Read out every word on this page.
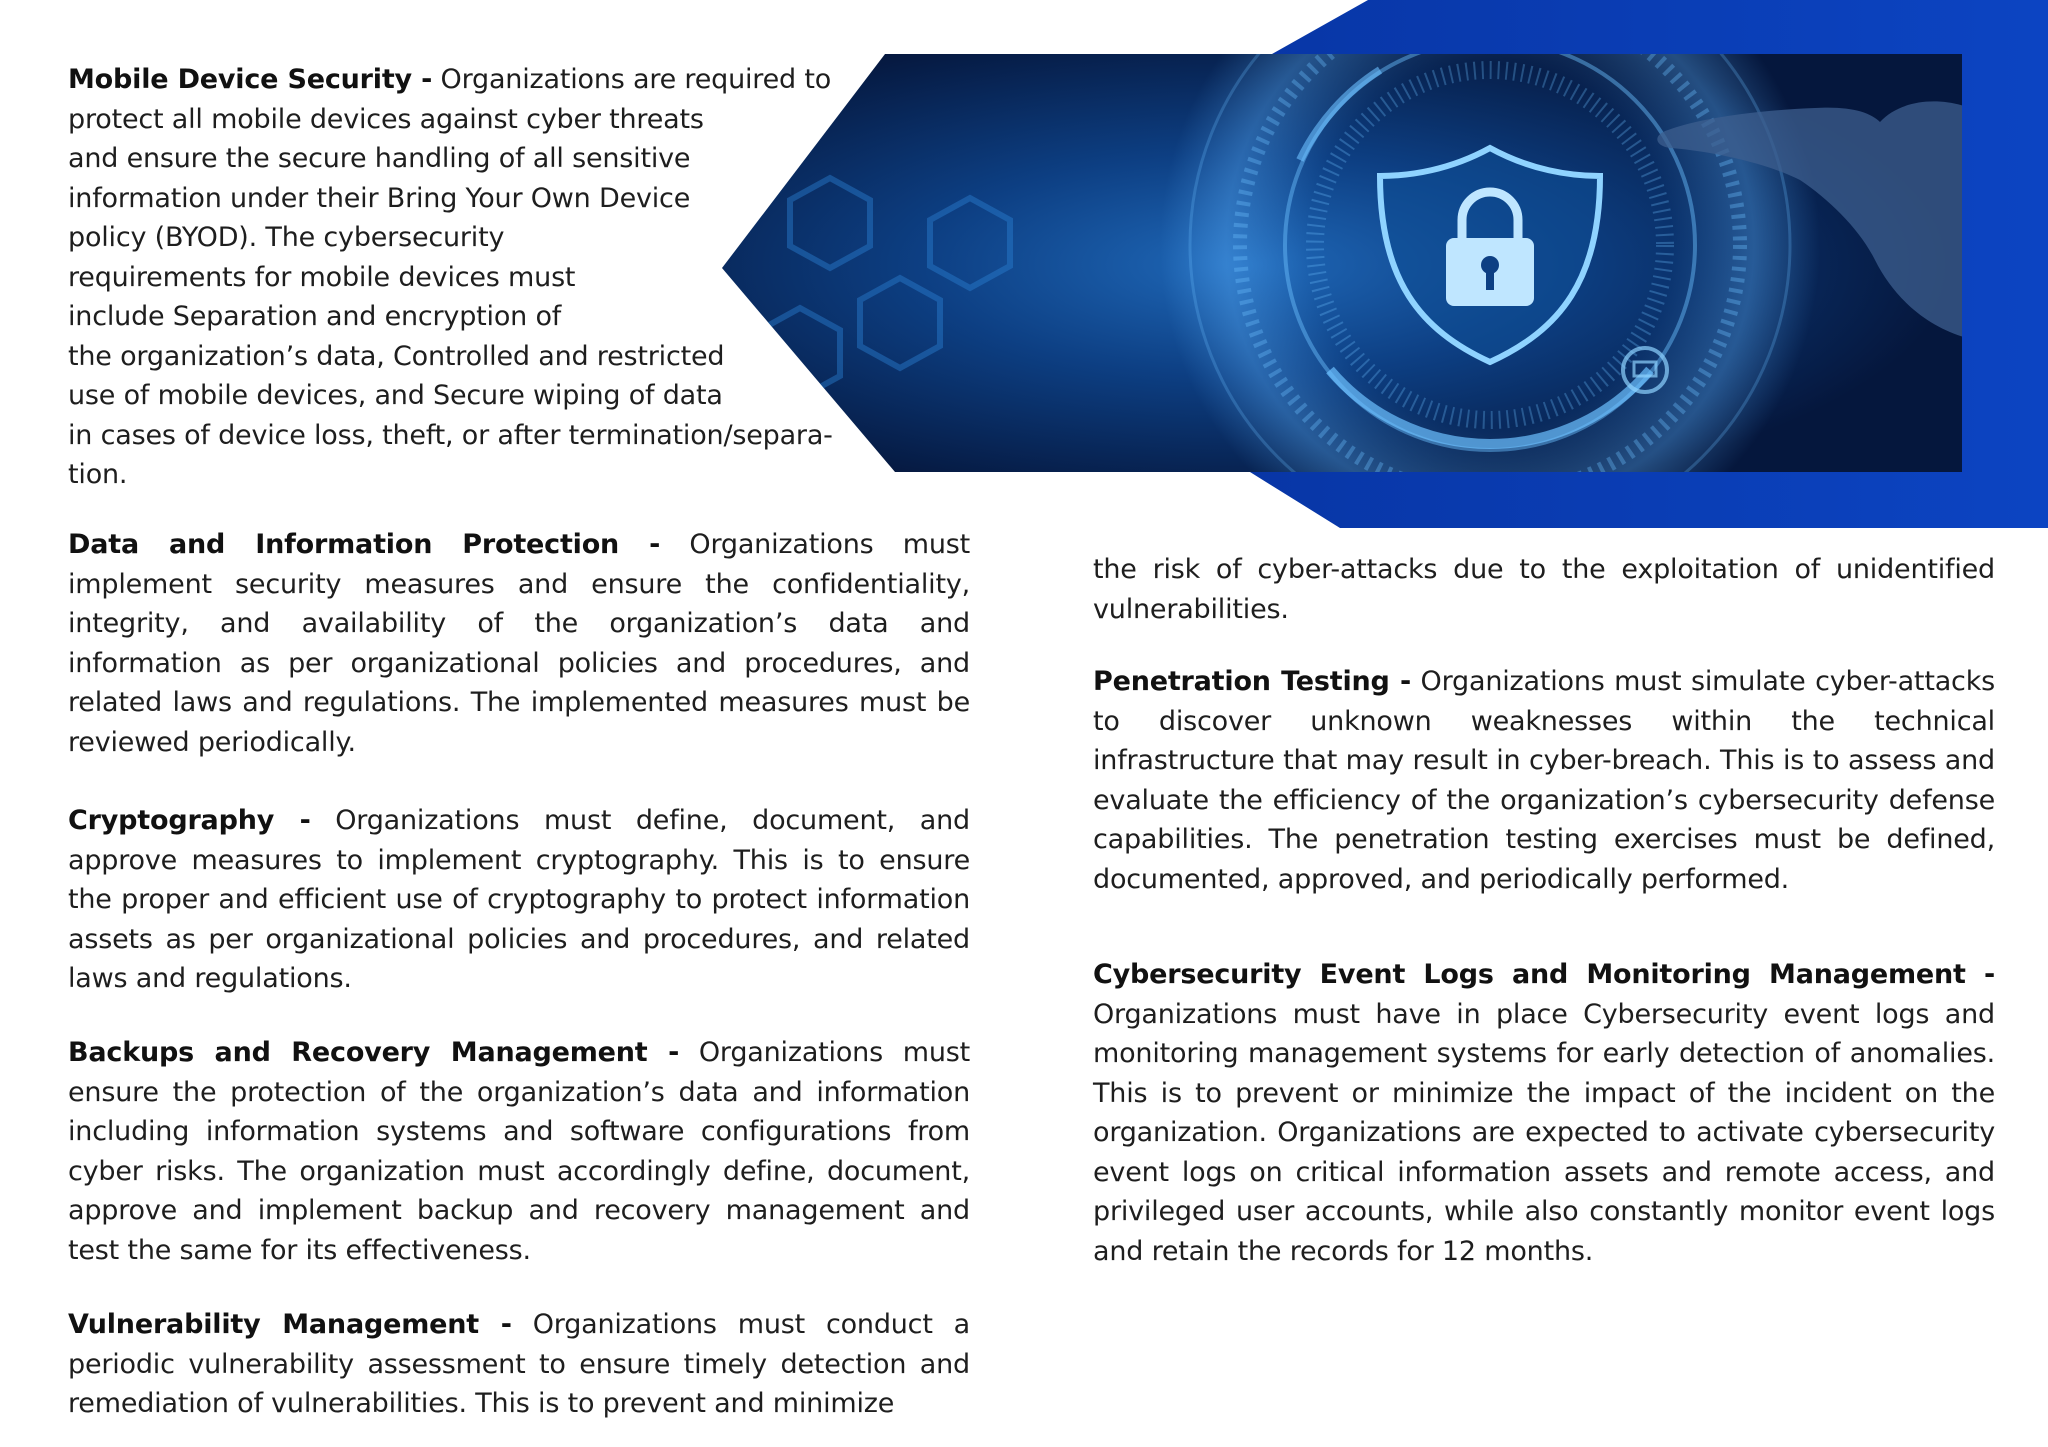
Mobile Device Security - Organizations are required to
protect all mobile devices against cyber threats
and ensure the secure handling of all sensitive
information under their Bring Your Own Device
policy (BYOD). The cybersecurity
requirements for mobile devices must
include Separation and encryption of
the organization’s data, Controlled and restricted
use of mobile devices, and Secure wiping of data
in cases of device loss, theft, or after termination/separa-
tion.

Data and Information Protection - Organizations must implement security measures and ensure the confidentiality, integrity, and availability of the organization’s data and information as per organizational policies and procedures, and related laws and regulations. The implemented measures must be reviewed periodically.

Cryptography - Organizations must define, document, and approve measures to implement cryptography. This is to ensure the proper and efficient use of cryptography to protect information assets as per organizational policies and procedures, and related laws and regulations.

Backups and Recovery Management - Organizations must ensure the protection of the organization’s data and information including information systems and software configurations from cyber risks. The organization must accordingly define, document, approve and implement backup and recovery management and test the same for its effectiveness.

Vulnerability Management - Organizations must conduct a periodic vulnerability assessment to ensure timely detection and remediation of vulnerabilities. This is to prevent and minimize

the risk of cyber-attacks due to the exploitation of unidentified vulnerabilities.

Penetration Testing - Organizations must simulate cyber-attacks to discover unknown weaknesses within the technical infrastructure that may result in cyber-breach. This is to assess and evaluate the efficiency of the organization’s cybersecurity defense capabilities. The penetration testing exercises must be defined, documented, approved, and periodically performed.

Cybersecurity Event Logs and Monitoring Management - Organizations must have in place Cybersecurity event logs and monitoring management systems for early detection of anomalies. This is to prevent or minimize the impact of the incident on the organization. Organizations are expected to activate cybersecurity event logs on critical information assets and remote access, and privileged user accounts, while also constantly monitor event logs and retain the records for 12 months.
